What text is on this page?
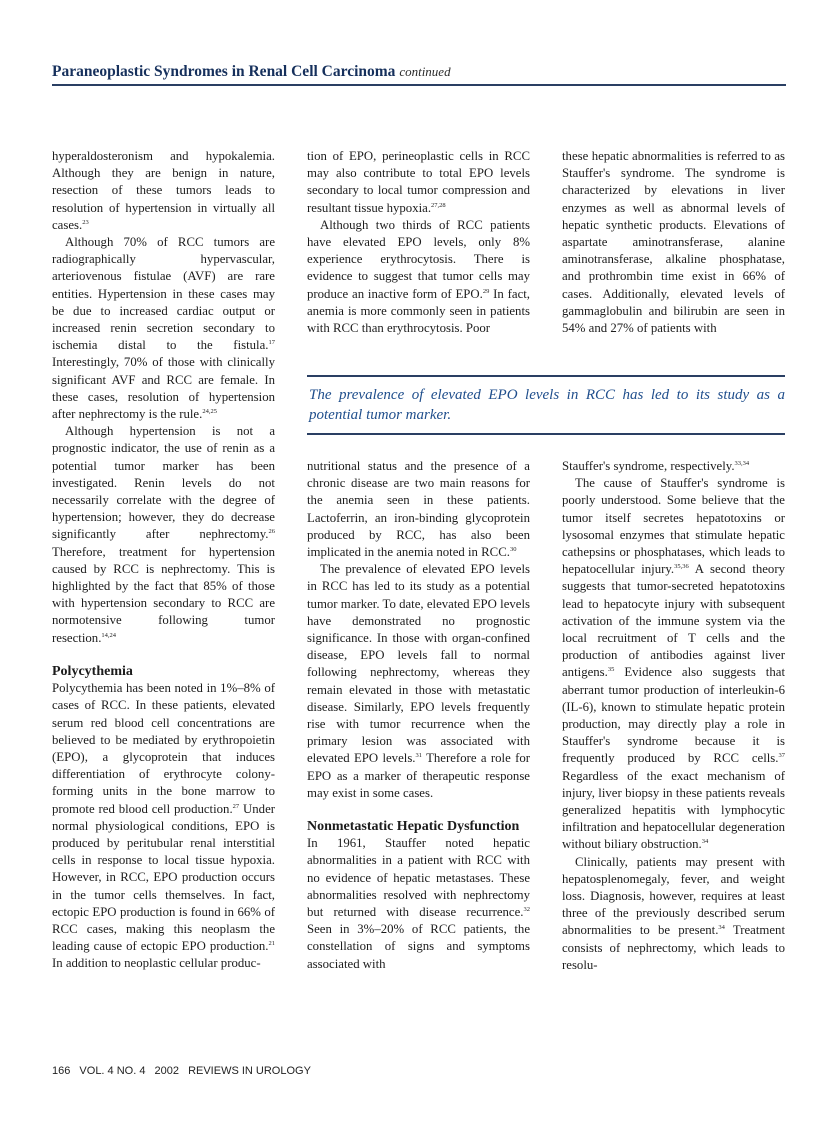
Paraneoplastic Syndromes in Renal Cell Carcinoma continued

hyperaldosteronism and hypokalemia. Although they are benign in nature, resection of these tumors leads to resolution of hypertension in virtually all cases.$^{23}$

Although 70% of RCC tumors are radiographically hypervascular, arteriovenous fistulae (AVF) are rare entities. Hypertension in these cases may be due to increased cardiac output or increased renin secretion secondary to ischemia distal to the fistula.$^{17}$ Interestingly, 70% of those with clinically significant AVF and RCC are female. In these cases, resolution of hypertension after nephrectomy is the rule.$^{24,25}$

Although hypertension is not a prognostic indicator, the use of renin as a potential tumor marker has been investigated. Renin levels do not necessarily correlate with the degree of hypertension; however, they do decrease significantly after nephrectomy.$^{26}$ Therefore, treatment for hypertension caused by RCC is nephrectomy. This is highlighted by the fact that 85% of those with hypertension secondary to RCC are normotensive following tumor resection.$^{14,24}$

Polycythemia

Polycythemia has been noted in 1%–8% of cases of RCC. In these patients, elevated serum red blood cell concentrations are believed to be mediated by erythropoietin (EPO), a glycoprotein that induces differentiation of erythrocyte colony-forming units in the bone marrow to promote red blood cell production.$^{27}$ Under normal physiological conditions, EPO is produced by peritubular renal interstitial cells in response to local tissue hypoxia. However, in RCC, EPO production occurs in the tumor cells themselves. In fact, ectopic EPO production is found in 66% of RCC cases, making this neoplasm the leading cause of ectopic EPO production.$^{21}$ In addition to neoplastic cellular produc-

tion of EPO, perineoplastic cells in RCC may also contribute to total EPO levels secondary to local tumor compression and resultant tissue hypoxia.$^{27,28}$

Although two thirds of RCC patients have elevated EPO levels, only 8% experience erythrocytosis. There is evidence to suggest that tumor cells may produce an inactive form of EPO.$^{29}$ In fact, anemia is more commonly seen in patients with RCC than erythrocytosis. Poor

these hepatic abnormalities is referred to as Stauffer's syndrome. The syndrome is characterized by elevations in liver enzymes as well as abnormal levels of hepatic synthetic products. Elevations of aspartate aminotransferase, alanine aminotransferase, alkaline phosphatase, and prothrombin time exist in 66% of cases. Additionally, elevated levels of gammaglobulin and bilirubin are seen in 54% and 27% of patients with

The prevalence of elevated EPO levels in RCC has led to its study as a potential tumor marker.

nutritional status and the presence of a chronic disease are two main reasons for the anemia seen in these patients. Lactoferrin, an iron-binding glycoprotein produced by RCC, has also been implicated in the anemia noted in RCC.$^{30}$

The prevalence of elevated EPO levels in RCC has led to its study as a potential tumor marker. To date, elevated EPO levels have demonstrated no prognostic significance. In those with organ-confined disease, EPO levels fall to normal following nephrectomy, whereas they remain elevated in those with metastatic disease. Similarly, EPO levels frequently rise with tumor recurrence when the primary lesion was associated with elevated EPO levels.$^{31}$ Therefore a role for EPO as a marker of therapeutic response may exist in some cases.

Nonmetastatic Hepatic Dysfunction

In 1961, Stauffer noted hepatic abnormalities in a patient with RCC with no evidence of hepatic metastases. These abnormalities resolved with nephrectomy but returned with disease recurrence.$^{32}$ Seen in 3%–20% of RCC patients, the constellation of signs and symptoms associated with

Stauffer's syndrome, respectively.$^{33,34}$

The cause of Stauffer's syndrome is poorly understood. Some believe that the tumor itself secretes hepatotoxins or lysosomal enzymes that stimulate hepatic cathepsins or phosphatases, which leads to hepatocellular injury.$^{35,36}$ A second theory suggests that tumor-secreted hepatotoxins lead to hepatocyte injury with subsequent activation of the immune system via the local recruitment of T cells and the production of antibodies against liver antigens.$^{35}$ Evidence also suggests that aberrant tumor production of interleukin-6 (IL-6), known to stimulate hepatic protein production, may directly play a role in Stauffer's syndrome because it is frequently produced by RCC cells.$^{37}$ Regardless of the exact mechanism of injury, liver biopsy in these patients reveals generalized hepatitis with lymphocytic infiltration and hepatocellular degeneration without biliary obstruction.$^{34}$

Clinically, patients may present with hepatosplenomegaly, fever, and weight loss. Diagnosis, however, requires at least three of the previously described serum abnormalities to be present.$^{34}$ Treatment consists of nephrectomy, which leads to resolu-

166 VOL. 4 NO. 4 2002 REVIEWS IN UROLOGY
